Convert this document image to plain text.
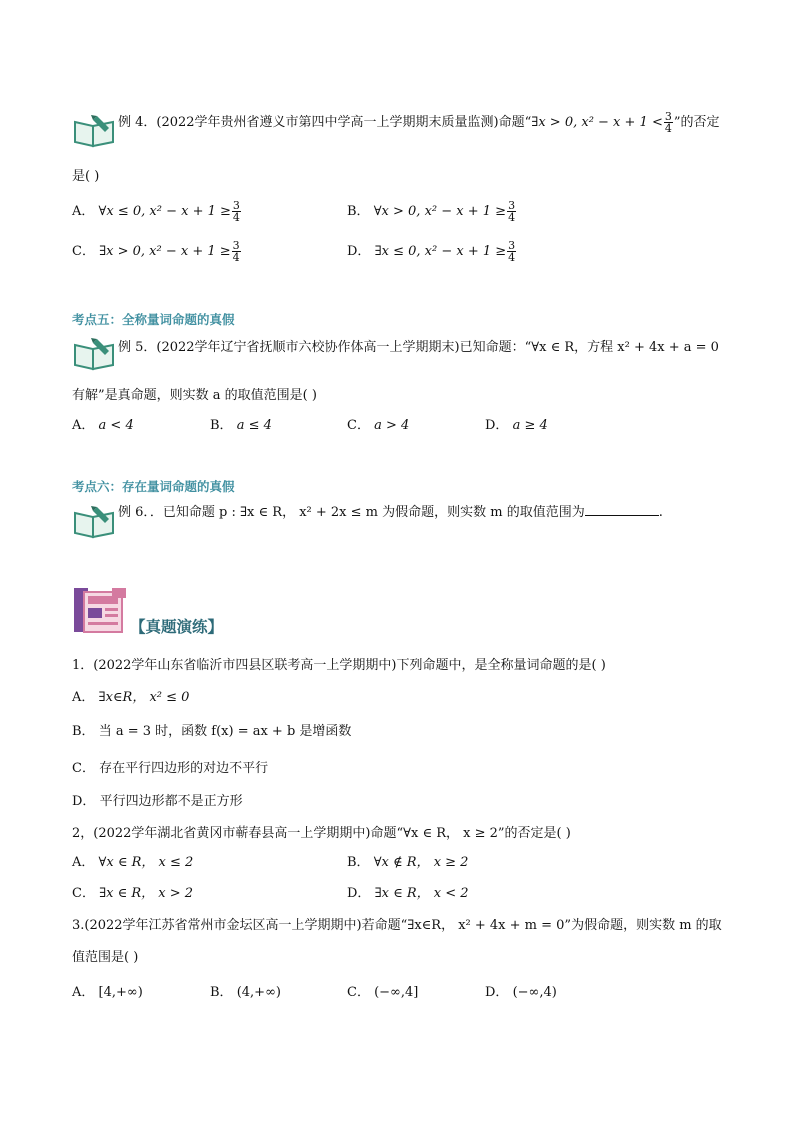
例 4．(2022学年贵州省遵义市第四中学高一上学期期末质量监测)命题“∃x > 0, $x^2 - x + 1 < \frac{3}{4}$ ”的否定
是( )
A． ∀x ≤ 0, $x^2 - x + 1 \ge \frac{3}{4}$	B． ∀x > 0, $x^2 - x + 1 \ge \frac{3}{4}$
C． ∃x > 0, $x^2 - x + 1 \ge \frac{3}{4}$	D． ∃x ≤ 0, $x^2 - x + 1 \ge \frac{3}{4}$
考点五：全称量词命题的真假
例 5．(2022学年辽宁省抚顺市六校协作体高一上学期期末)已知命题：“∀x ∈ R，方程 x² + 4x + a = 0
有解”是真命题，则实数 a 的取值范围是( )
A． a < 4	B． a ≤ 4	C． a > 4	D． a ≥ 4
考点六：存在量词命题的真假
例 6．．已知命题 p : ∃x ∈ R， x² + 2x ≤ m 为假命题，则实数 m 的取值范围为	.
【真题演练】
1．(2022学年山东省临沂市四县区联考高一上学期期中)下列命题中，是全称量词命题的是( )
A． ∃x∈R， x² ≤ 0
B． 当 a = 3 时，函数 f(x) = ax + b 是增函数
C． 存在平行四边形的对边不平行
D． 平行四边形都不是正方形
2，(2022学年湖北省黄冈市蕲春县高一上学期期中)命题“∀x ∈ R， x ≥ 2”的否定是( )
A． ∀x ∈ R， x ≤ 2	B． ∀x ∉ R， x ≥ 2
C． ∃x ∈ R， x > 2	D． ∃x ∈ R， x < 2
3.(2022学年江苏省常州市金坛区高一上学期期中)若命题“∃x∈R， x² + 4x + m = 0”为假命题，则实数 m 的取
值范围是( )
A． [4,+∞)	B． (4,+∞)	C． (−∞,4]	D． (−∞,4)
